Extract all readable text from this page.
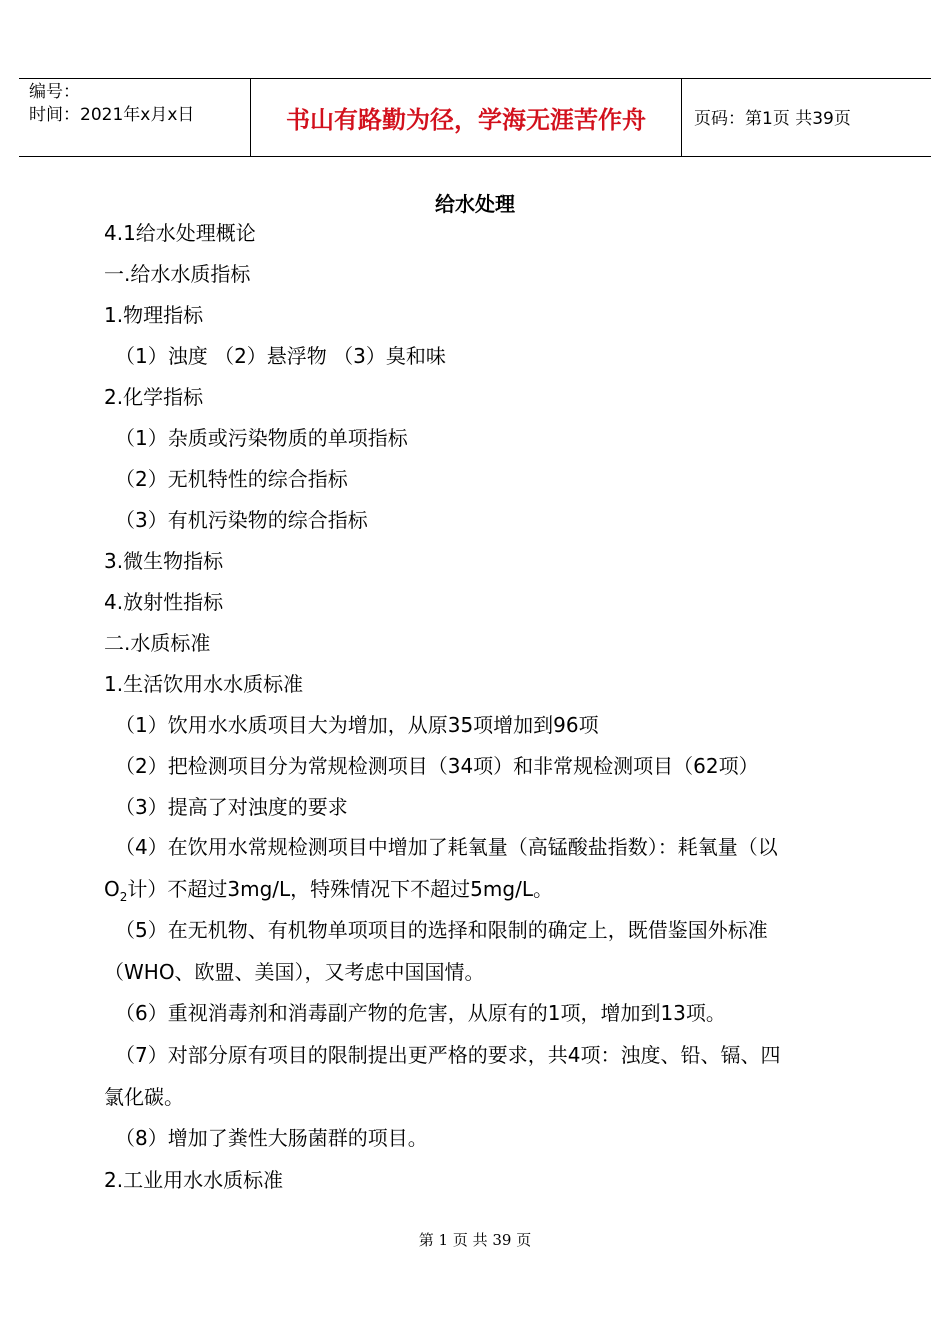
编号：
时间：2021年x月x日	书山有路勤为径，学海无涯苦作舟	页码：第1页 共39页
给水处理
4.1给水处理概论
一.给水水质指标
1.物理指标
（1）浊度 （2）悬浮物 （3）臭和味
2.化学指标
（1）杂质或污染物质的单项指标
（2）无机特性的综合指标
（3）有机污染物的综合指标
3.微生物指标
4.放射性指标
二.水质标准
1.生活饮用水水质标准
（1）饮用水水质项目大为增加，从原35项增加到96项
（2）把检测项目分为常规检测项目（34项）和非常规检测项目（62项）
（3）提高了对浊度的要求
（4）在饮用水常规检测项目中增加了耗氧量（高锰酸盐指数）：耗氧量（以
$O_2$计）不超过3mg/L，特殊情况下不超过5mg/L。
（5）在无机物、有机物单项项目的选择和限制的确定上，既借鉴国外标准
（WHO、欧盟、美国），又考虑中国国情。
（6）重视消毒剂和消毒副产物的危害，从原有的1项，增加到13项。
（7）对部分原有项目的限制提出更严格的要求，共4项：浊度、铅、镉、四
氯化碳。
（8）增加了粪性大肠菌群的项目。
2.工业用水水质标准
第 1 页 共 39 页
